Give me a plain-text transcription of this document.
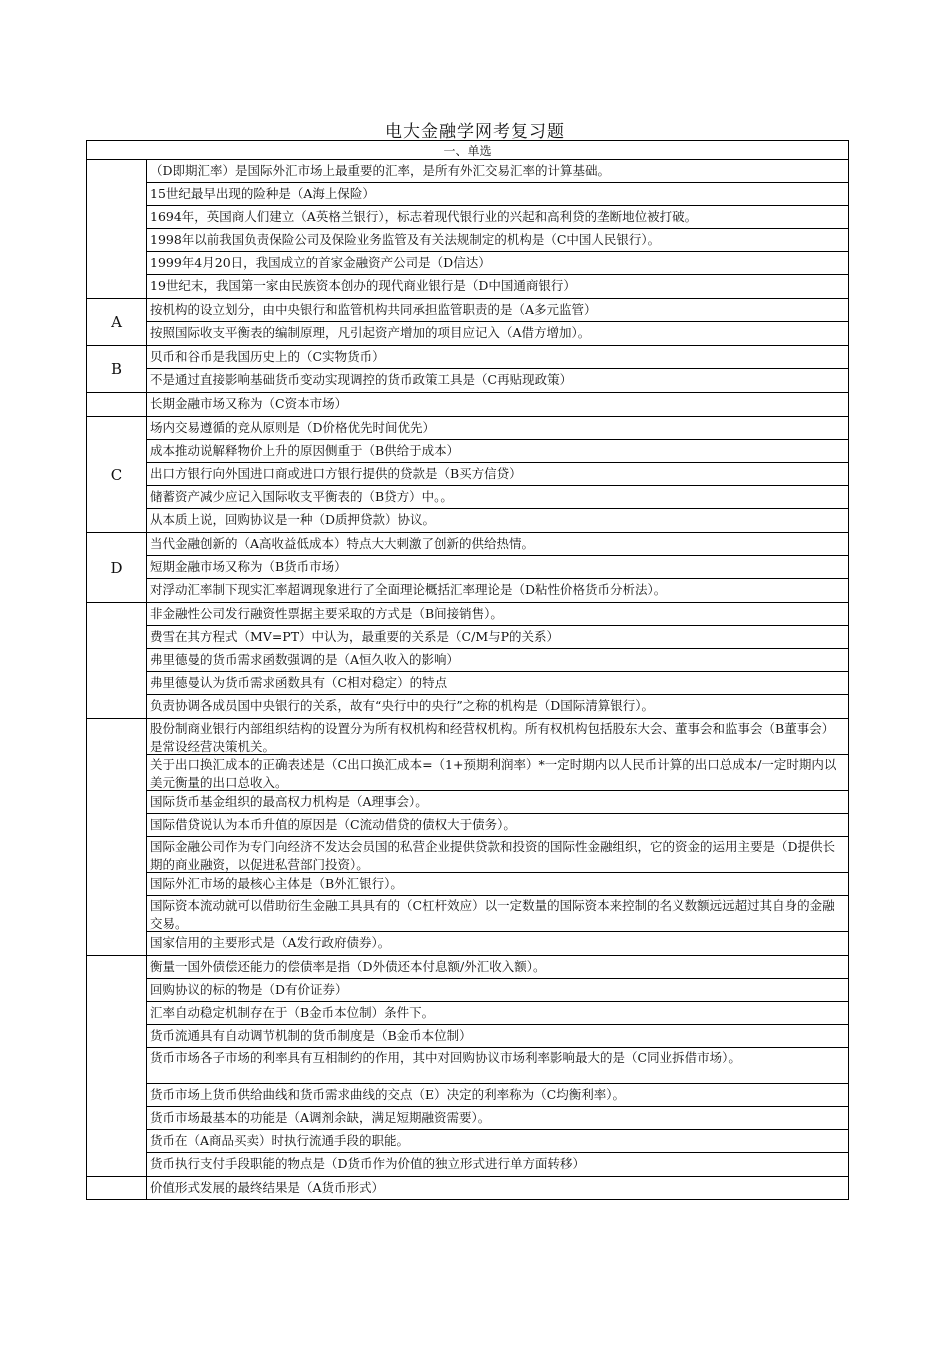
电大金融学网考复习题
一、单选
（D即期汇率）是国际外汇市场上最重要的汇率，是所有外汇交易汇率的计算基础。
15世纪最早出现的险种是（A海上保险）
1694年，英国商人们建立（A英格兰银行），标志着现代银行业的兴起和高利贷的垄断地位被打破。
1998年以前我国负责保险公司及保险业务监管及有关法规制定的机构是（C中国人民银行）。
1999年4月20日，我国成立的首家金融资产公司是（D信达）
19世纪末，我国第一家由民族资本创办的现代商业银行是（D中国通商银行）
A
按机构的设立划分，由中央银行和监管机构共同承担监管职责的是（A多元监管）
按照国际收支平衡表的编制原理，凡引起资产增加的项目应记入（A借方增加）。
B
贝币和谷币是我国历史上的（C实物货币）
不是通过直接影响基础货币变动实现调控的货币政策工具是（C再贴现政策）
长期金融市场又称为（C资本市场）
C
场内交易遵循的竞从原则是（D价格优先时间优先）
成本推动说解释物价上升的原因侧重于（B供给于成本）
出口方银行向外国进口商或进口方银行提供的贷款是（B买方信贷）
储蓄资产减少应记入国际收支平衡表的（B贷方）中。。
从本质上说，回购协议是一种（D质押贷款）协议。
D
当代金融创新的（A高收益低成本）特点大大刺激了创新的供给热情。
短期金融市场又称为（B货币市场）
对浮动汇率制下现实汇率超调现象进行了全面理论概括汇率理论是（D粘性价格货币分析法）。
非金融性公司发行融资性票据主要采取的方式是（B间接销售）。
费雪在其方程式（MV=PT）中认为，最重要的关系是（C/M与P的关系）
弗里德曼的货币需求函数强调的是（A恒久收入的影响）
弗里德曼认为货币需求函数具有（C相对稳定）的特点
负责协调各成员国中央银行的关系，故有“央行中的央行”之称的机构是（D国际清算银行）。
股份制商业银行内部组织结构的设置分为所有权机构和经营权机构。所有权机构包括股东大会、董事会和监事会（B董事会）是常设经营决策机关。
关于出口换汇成本的正确表述是（C出口换汇成本=（1+预期利润率）*一定时期内以人民币计算的出口总成本/一定时期内以美元衡量的出口总收入。
国际货币基金组织的最高权力机构是（A理事会）。
国际借贷说认为本币升值的原因是（C流动借贷的债权大于债务）。
国际金融公司作为专门向经济不发达会员国的私营企业提供贷款和投资的国际性金融组织，它的资金的运用主要是（D提供长期的商业融资，以促进私营部门投资）。
国际外汇市场的最核心主体是（B外汇银行）。
国际资本流动就可以借助衍生金融工具具有的（C杠杆效应）以一定数量的国际资本来控制的名义数额远远超过其自身的金融交易。
国家信用的主要形式是（A发行政府债券）。
衡量一国外债偿还能力的偿债率是指（D外债还本付息额/外汇收入额）。
回购协议的标的物是（D有价证券）
汇率自动稳定机制存在于（B金币本位制）条件下。
货币流通具有自动调节机制的货币制度是（B金币本位制）
货币市场各子市场的利率具有互相制约的作用，其中对回购协议市场利率影响最大的是（C同业拆借市场）。
货币市场上货币供给曲线和货币需求曲线的交点（E）决定的利率称为（C均衡利率）。
货币市场最基本的功能是（A调剂余缺，满足短期融资需要）。
货币在（A商品买卖）时执行流通手段的职能。
货币执行支付手段职能的物点是（D货币作为价值的独立形式进行单方面转移）
价值形式发展的最终结果是（A货币形式）
